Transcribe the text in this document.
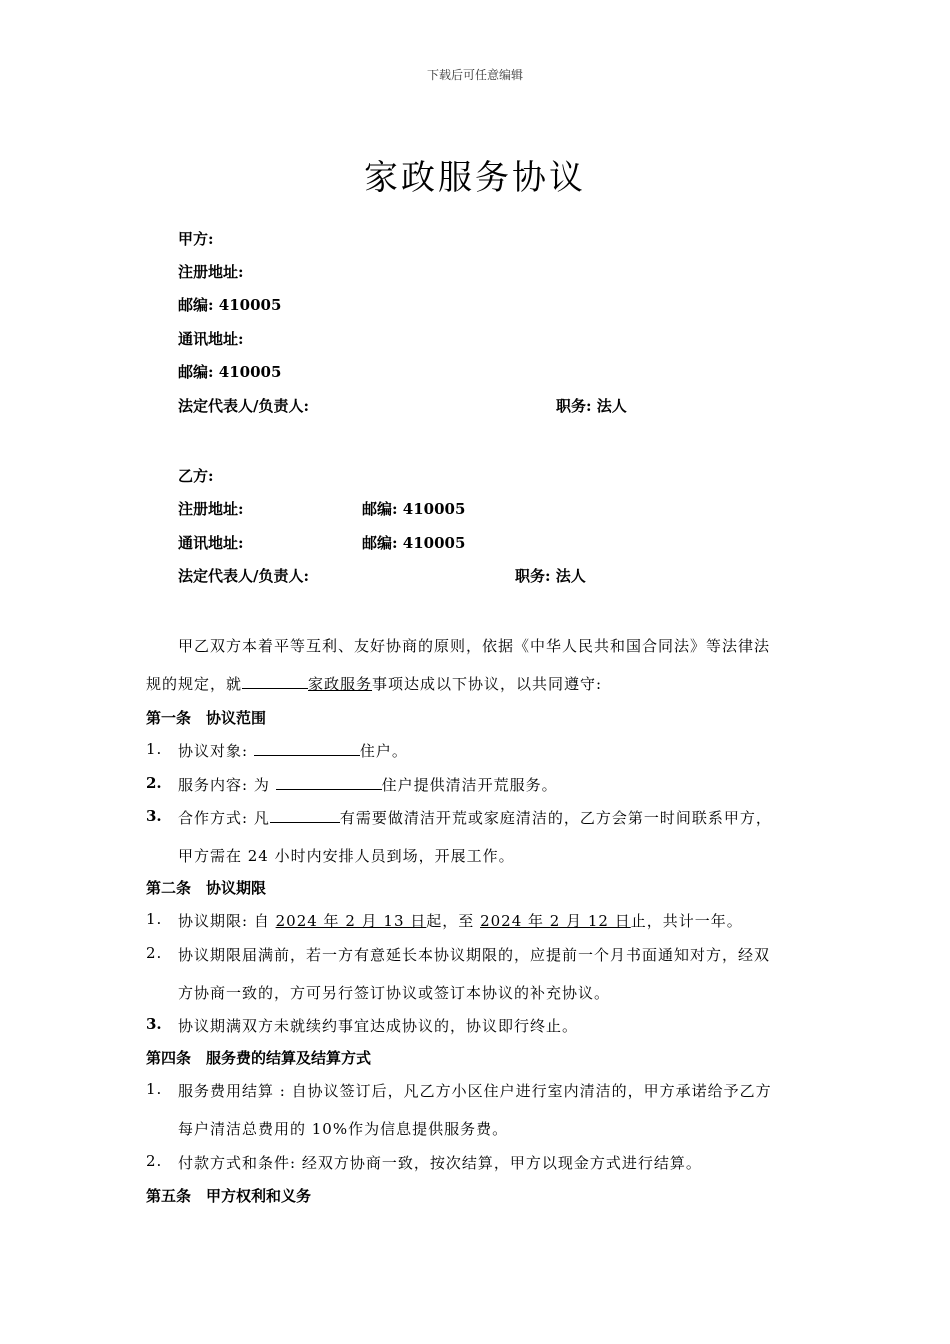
下载后可任意编辑
家政服务协议
甲方:
注册地址:
邮编: 410005
通讯地址:
邮编: 410005
法定代表人/负责人:	职务: 法人
乙方:
注册地址:	邮编: 410005
通讯地址:	邮编: 410005
法定代表人/负责人:	职务: 法人
甲乙双方本着平等互利、友好协商的原则，依据《中华人民共和国合同法》等法律法
规的规定，就	家政服务事项达成以下协议，以共同遵守:
第一条　协议范围
1. 协议对象:	住户。
2. 服务内容: 为	住户提供清洁开荒服务。
3. 合作方式: 凡	有需要做清洁开荒或家庭清洁的，乙方会第一时间联系甲方，
甲方需在 24 小时内安排人员到场，开展工作。
第二条　协议期限
1. 协议期限: 自 2024 年 2 月 13 日起，至 2024 年 2 月 12 日止，共计一年。
2. 协议期限届满前，若一方有意延长本协议期限的，应提前一个月书面通知对方，经双
方协商一致的，方可另行签订协议或签订本协议的补充协议。
3. 协议期满双方未就续约事宜达成协议的，协议即行终止。
第四条　服务费的结算及结算方式
1. 服务费用结算 : 自协议签订后，凡乙方小区住户进行室内清洁的，甲方承诺给予乙方
每户清洁总费用的 10%作为信息提供服务费。
2. 付款方式和条件: 经双方协商一致，按次结算，甲方以现金方式进行结算。
第五条　甲方权利和义务
